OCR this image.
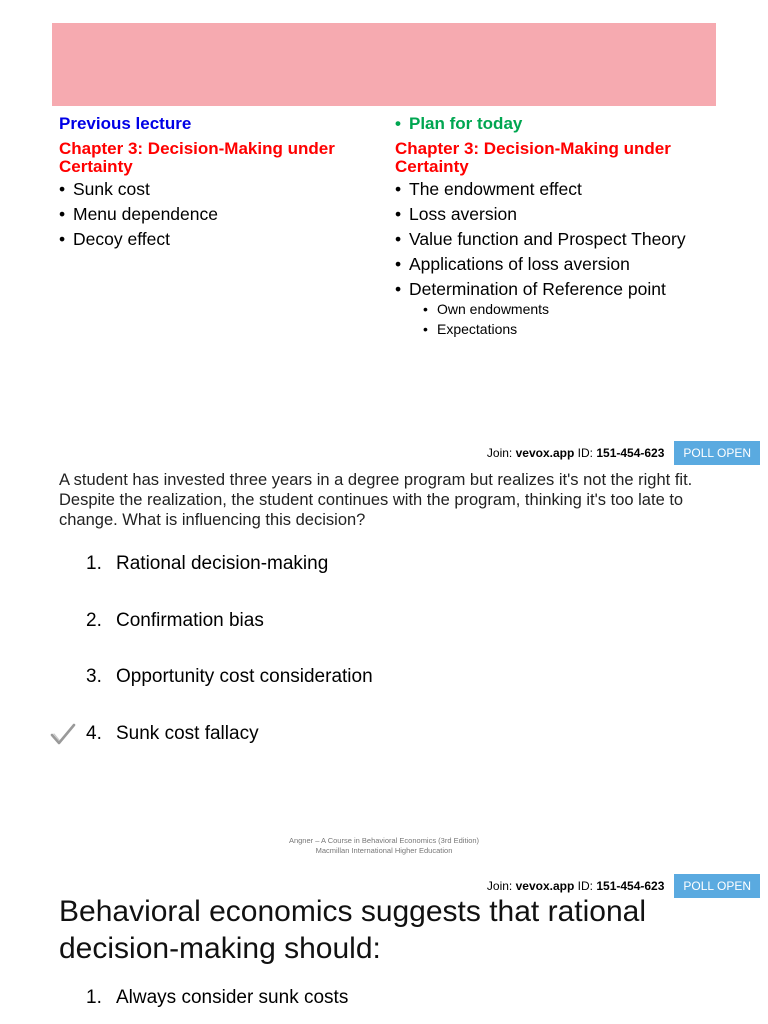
Previous lecture
Chapter 3: Decision-Making under Certainty
• Sunk cost
• Menu dependence
• Decoy effect
• Plan for today
Chapter 3: Decision-Making under Certainty
• The endowment effect
• Loss aversion
• Value function and Prospect Theory
• Applications of loss aversion
• Determination of Reference point
• Own endowments
• Expectations
Join: vevox.app ID: 151-454-623	POLL OPEN
A student has invested three years in a degree program but realizes it's not the right fit. Despite the realization, the student continues with the program, thinking it's too late to change. What is influencing this decision?
1. Rational decision-making
2. Confirmation bias
3. Opportunity cost consideration
4. Sunk cost fallacy
Angner – A Course in Behavioral Economics (3rd Edition)
Macmillan International Higher Education
Join: vevox.app ID: 151-454-623	POLL OPEN
Behavioral economics suggests that rational decision-making should:
1. Always consider sunk costs
